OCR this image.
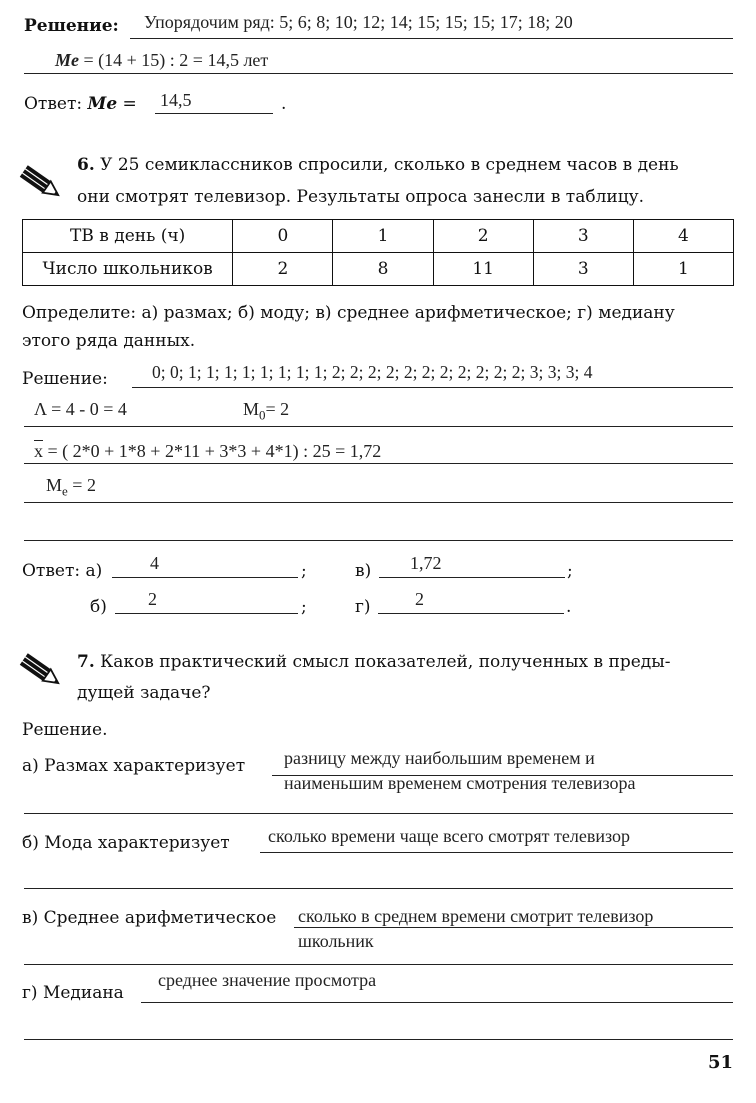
Решение: Упорядочим ряд: 5; 6; 8; 10; 12; 14; 15; 15; 15; 17; 18; 20
Me = (14 + 15) : 2 = 14,5 лет
Ответ: Me = 14,5	.
6. У 25 семиклассников спросили, сколько в среднем часов в день
они смотрят телевизор. Результаты опроса занесли в таблицу.
ТВ в день (ч)	0	1	2	3	4
Число школьников	2	8	11	3	1
Определите: а) размах; б) моду; в) среднее арифметическое; г) медиану
этого ряда данных.
Решение:	0; 0; 1; 1; 1; 1; 1; 1; 1; 1; 2; 2; 2; 2; 2; 2; 2; 2; 2; 2; 2; 3; 3; 3; 4
Λ = 4 - 0 = 4	$M_0= 2$
$\overline{x}$ = ( 2*0 + 1*8 + 2*11 + 3*3 + 4*1) : 25 = 1,72
$M_e = 2$
Ответ: а)	4	;	в) 1,72	;
б) 2	;	г) 2	.
7. Каков практический смысл показателей, полученных в преды-
дущей задаче?
Решение.
а) Размах характеризует разницу между наибольшим временем и
наименьшим временем смотрения телевизора
б) Мода характеризует сколько времени чаще всего смотрят телевизор
в) Среднее арифметическое сколько в среднем времени смотрит телевизор
школьник
г) Медиана
среднее значение просмотра
51
